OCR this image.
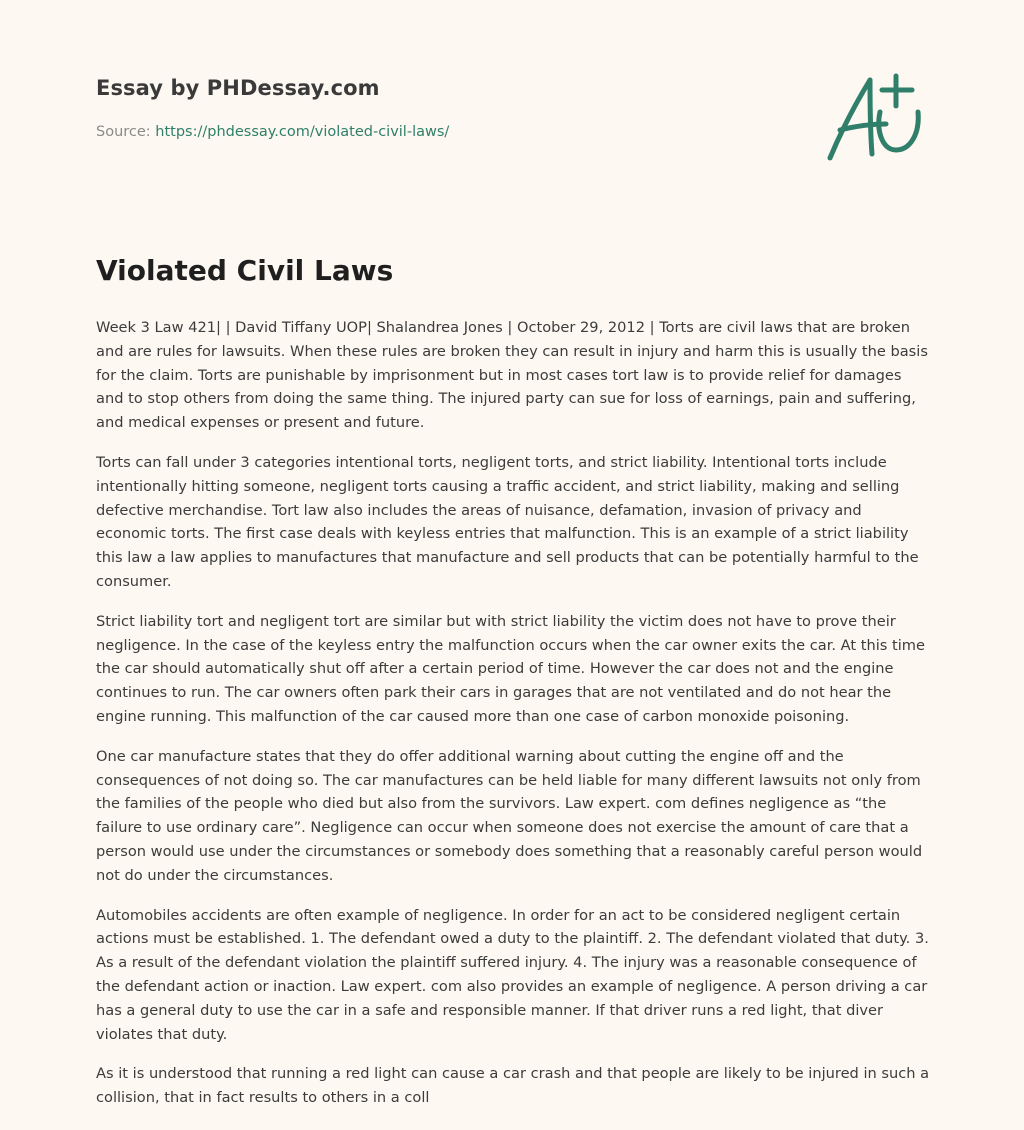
Essay by PHDessay.com
Source: https://phdessay.com/violated-civil-laws/
Violated Civil Laws

Week 3 Law 421| | David Tiffany UOP| Shalandrea Jones | October 29, 2012 | Torts are civil laws that are broken and are rules for lawsuits. When these rules are broken they can result in injury and harm this is usually the basis for the claim. Torts are punishable by imprisonment but in most cases tort law is to provide relief for damages and to stop others from doing the same thing. The injured party can sue for loss of earnings, pain and suffering, and medical expenses or present and future.

Torts can fall under 3 categories intentional torts, negligent torts, and strict liability. Intentional torts include intentionally hitting someone, negligent torts causing a traffic accident, and strict liability, making and selling defective merchandise. Tort law also includes the areas of nuisance, defamation, invasion of privacy and economic torts. The first case deals with keyless entries that malfunction. This is an example of a strict liability this law a law applies to manufactures that manufacture and sell products that can be potentially harmful to the consumer.

Strict liability tort and negligent tort are similar but with strict liability the victim does not have to prove their negligence. In the case of the keyless entry the malfunction occurs when the car owner exits the car. At this time the car should automatically shut off after a certain period of time. However the car does not and the engine continues to run. The car owners often park their cars in garages that are not ventilated and do not hear the engine running. This malfunction of the car caused more than one case of carbon monoxide poisoning.

One car manufacture states that they do offer additional warning about cutting the engine off and the consequences of not doing so. The car manufactures can be held liable for many different lawsuits not only from the families of the people who died but also from the survivors. Law expert. com defines negligence as “the failure to use ordinary care”. Negligence can occur when someone does not exercise the amount of care that a person would use under the circumstances or somebody does something that a reasonably careful person would not do under the circumstances.

Automobiles accidents are often example of negligence. In order for an act to be considered negligent certain actions must be established. 1. The defendant owed a duty to the plaintiff. 2. The defendant violated that duty. 3. As a result of the defendant violation the plaintiff suffered injury. 4. The injury was a reasonable consequence of the defendant action or inaction. Law expert. com also provides an example of negligence. A person driving a car has a general duty to use the car in a safe and responsible manner. If that driver runs a red light, that diver violates that duty.

As it is understood that running a red light can cause a car crash and that people are likely to be injured in such a collision, that in fact results to others in a coll
